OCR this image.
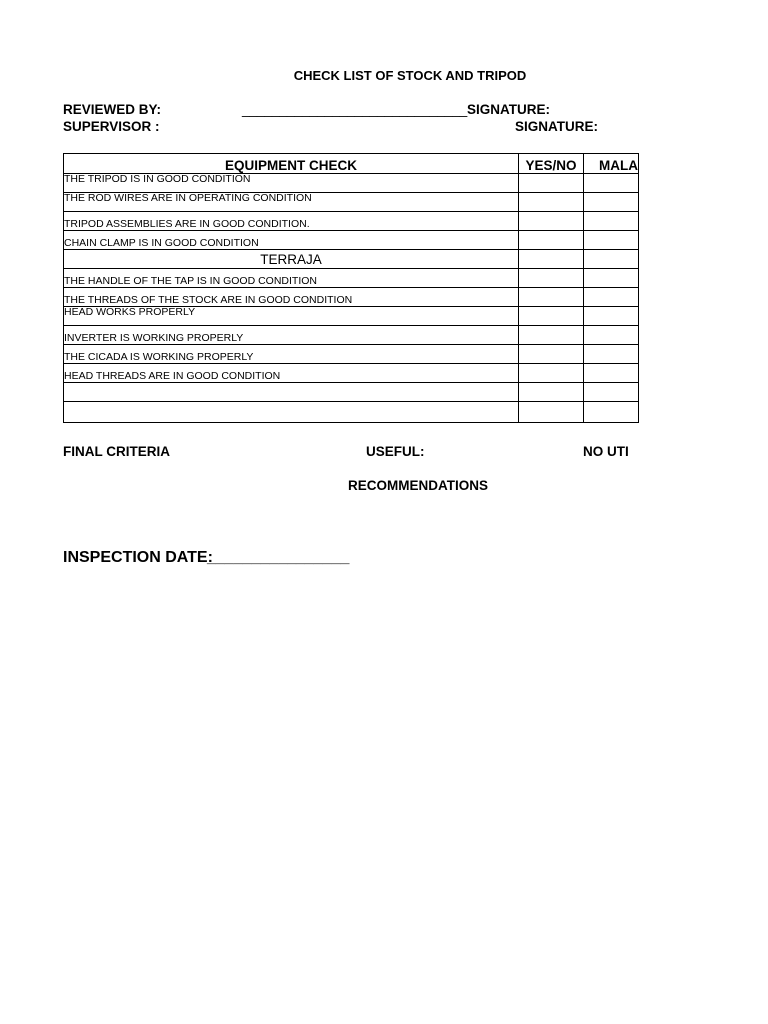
CHECK LIST OF STOCK AND TRIPOD
REVIEWED BY:	______________________________ SIGNATURE:
SUPERVISOR :	SIGNATURE:
EQUIPMENT CHECK	YES/NO	MALA
THE TRIPOD IS IN GOOD CONDITION		
THE ROD WIRES ARE IN OPERATING CONDITION		
TRIPOD ASSEMBLIES ARE IN GOOD CONDITION.		
CHAIN CLAMP IS IN GOOD CONDITION		
TERRAJA		
THE HANDLE OF THE TAP IS IN GOOD CONDITION		
THE THREADS OF THE STOCK ARE IN GOOD CONDITION		
HEAD WORKS PROPERLY		
INVERTER IS WORKING PROPERLY		
THE CICADA IS WORKING PROPERLY		
HEAD THREADS ARE IN GOOD CONDITION		

FINAL CRITERIA	USEFUL:	NO UTI
RECOMMENDATIONS
INSPECTION DATE:
________________
